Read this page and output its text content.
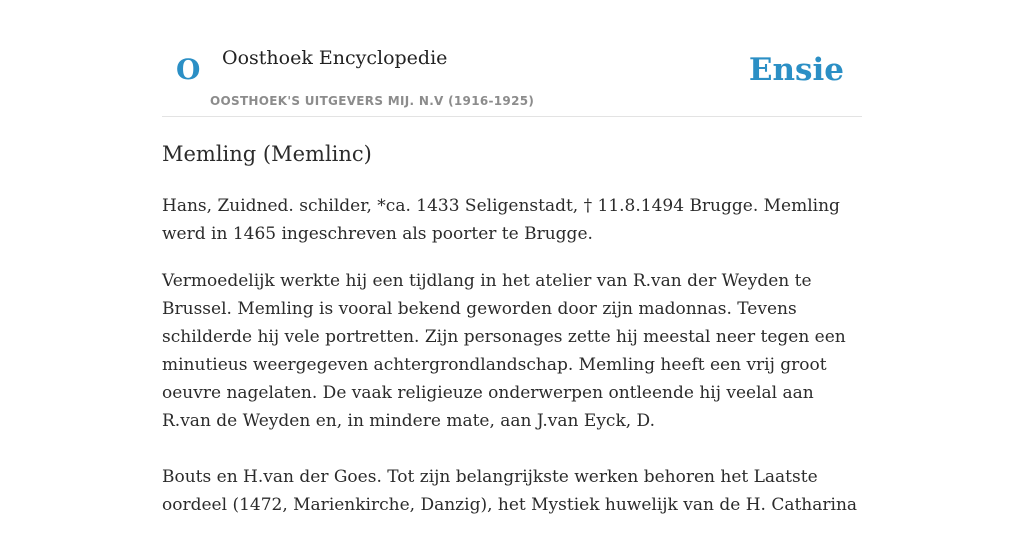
O Oosthoek Encyclopedie
OOSTHOEK'S UITGEVERS MIJ. N.V (1916-1925)
Ensie
Memling (Memlinc)

Hans, Zuidned. schilder, *ca. 1433 Seligenstadt, † 11.8.1494 Brugge. Memling werd in 1465 ingeschreven als poorter te Brugge.

Vermoedelijk werkte hij een tijdlang in het atelier van R.van der Weyden te Brussel. Memling is vooral bekend geworden door zijn madonnas. Tevens schilderde hij vele portretten. Zijn personages zette hij meestal neer tegen een minutieus weergegeven achtergrondlandschap. Memling heeft een vrij groot oeuvre nagelaten. De vaak religieuze onderwerpen ontleende hij veelal aan R.van de Weyden en, in mindere mate, aan J.van Eyck, D.

Bouts en H.van der Goes. Tot zijn belangrijkste werken behoren het Laatste oordeel (1472, Marienkirche, Danzig), het Mystiek huwelijk van de H. Catharina
